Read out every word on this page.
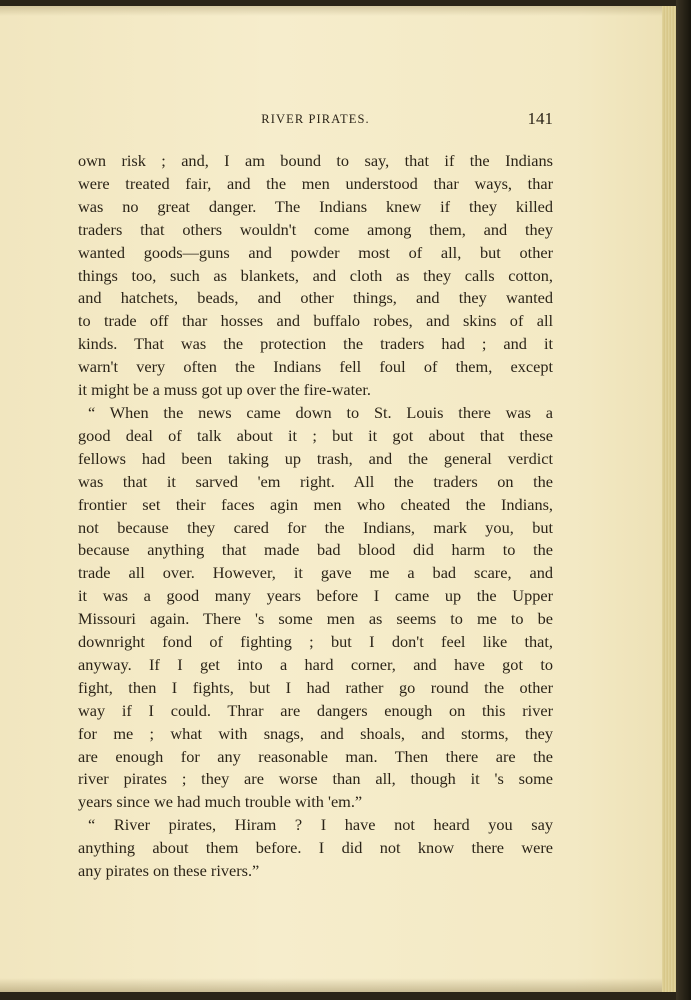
RIVER PIRATES.	141
own risk ; and, I am bound to say, that if the Indians
were treated fair, and the men understood thar ways, thar
was no great danger. The Indians knew if they killed
traders that others wouldn't come among them, and they
wanted goods—guns and powder most of all, but other
things too, such as blankets, and cloth as they calls cotton,
and hatchets, beads, and other things, and they wanted
to trade off thar hosses and buffalo robes, and skins of all
kinds. That was the protection the traders had ; and it
warn't very often the Indians fell foul of them, except
it might be a muss got up over the fire-water.
“ When the news came down to St. Louis there was a
good deal of talk about it ; but it got about that these
fellows had been taking up trash, and the general verdict
was that it sarved 'em right. All the traders on the
frontier set their faces agin men who cheated the Indians,
not because they cared for the Indians, mark you, but
because anything that made bad blood did harm to the
trade all over. However, it gave me a bad scare, and
it was a good many years before I came up the Upper
Missouri again. There 's some men as seems to me to be
downright fond of fighting ; but I don't feel like that,
anyway. If I get into a hard corner, and have got to
fight, then I fights, but I had rather go round the other
way if I could. Thrar are dangers enough on this river
for me ; what with snags, and shoals, and storms, they
are enough for any reasonable man. Then there are the
river pirates ; they are worse than all, though it 's some
years since we had much trouble with 'em.”
“ River pirates, Hiram ? I have not heard you say
anything about them before. I did not know there were
any pirates on these rivers.”
